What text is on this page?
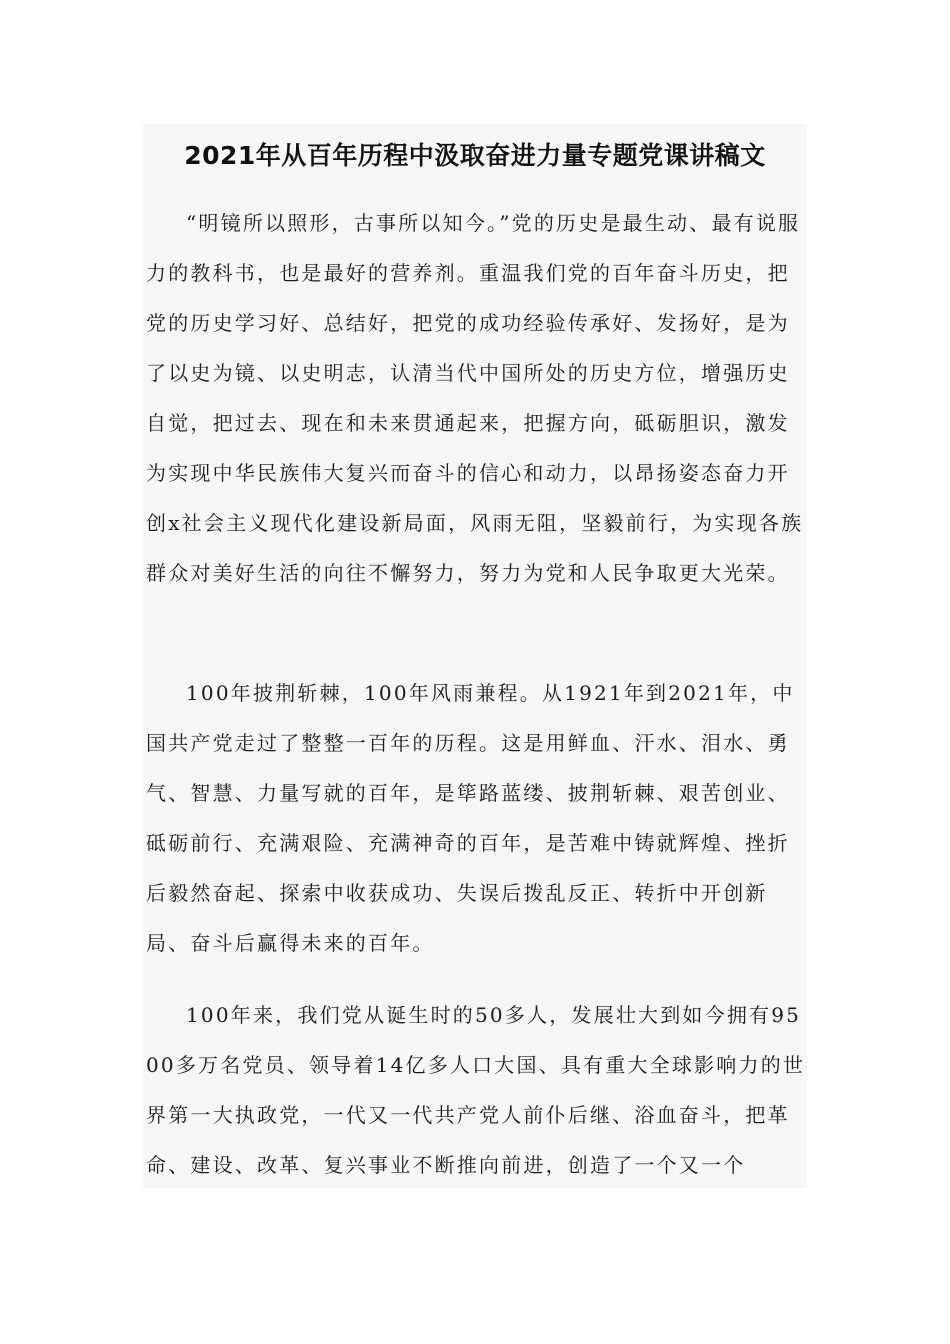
2021年从百年历程中汲取奋进力量专题党课讲稿文

“明镜所以照形，古事所以知今。”党的历史是最生动、最有说服力的教科书，也是最好的营养剂。重温我们党的百年奋斗历史，把党的历史学习好、总结好，把党的成功经验传承好、发扬好，是为了以史为镜、以史明志，认清当代中国所处的历史方位，增强历史自觉，把过去、现在和未来贯通起来，把握方向，砥砺胆识，激发为实现中华民族伟大复兴而奋斗的信心和动力，以昂扬姿态奋力开创x社会主义现代化建设新局面，风雨无阻，坚毅前行，为实现各族群众对美好生活的向往不懈努力，努力为党和人民争取更大光荣。

100年披荆斩棘，100年风雨兼程。从1921年到2021年，中国共产党走过了整整一百年的历程。这是用鲜血、汗水、泪水、勇气、智慧、力量写就的百年，是筚路蓝缕、披荆斩棘、艰苦创业、砥砺前行、充满艰险、充满神奇的百年，是苦难中铸就辉煌、挫折后毅然奋起、探索中收获成功、失误后拨乱反正、转折中开创新局、奋斗后赢得未来的百年。

100年来，我们党从诞生时的50多人，发展壮大到如今拥有9500多万名党员、领导着14亿多人口大国、具有重大全球影响力的世界第一大执政党，一代又一代共产党人前仆后继、浴血奋斗，把革命、建设、改革、复兴事业不断推向前进，创造了一个又一个
